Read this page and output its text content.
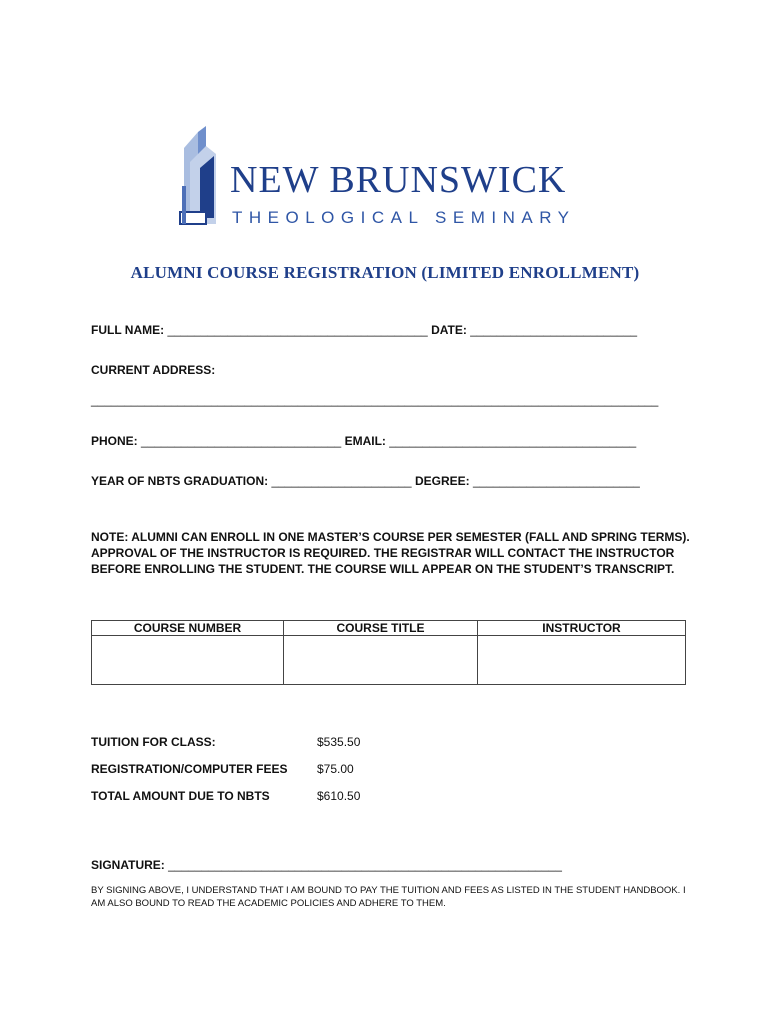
NEW BRUNSWICK
THEOLOGICAL SEMINARY
ALUMNI COURSE REGISTRATION (LIMITED ENROLLMENT)
FULL NAME: _______________________________________ DATE: _________________________
CURRENT ADDRESS:
_____________________________________________________________________________________
PHONE: ______________________________ EMAIL: _____________________________________
YEAR OF NBTS GRADUATION: _____________________ DEGREE: _________________________
NOTE: ALUMNI CAN ENROLL IN ONE MASTER’S COURSE PER SEMESTER (FALL AND SPRING TERMS). APPROVAL OF THE INSTRUCTOR IS REQUIRED. THE REGISTRAR WILL CONTACT THE INSTRUCTOR BEFORE ENROLLING THE STUDENT. THE COURSE WILL APPEAR ON THE STUDENT’S TRANSCRIPT.
COURSE NUMBER	COURSE TITLE	INSTRUCTOR

TUITION FOR CLASS:	$535.50
REGISTRATION/COMPUTER FEES $75.00
TOTAL AMOUNT DUE TO NBTS	$610.50
SIGNATURE: ___________________________________________________________
BY SIGNING ABOVE, I UNDERSTAND THAT I AM BOUND TO PAY THE TUITION AND FEES AS LISTED IN THE STUDENT HANDBOOK. I AM ALSO BOUND TO READ THE ACADEMIC POLICIES AND ADHERE TO THEM.
